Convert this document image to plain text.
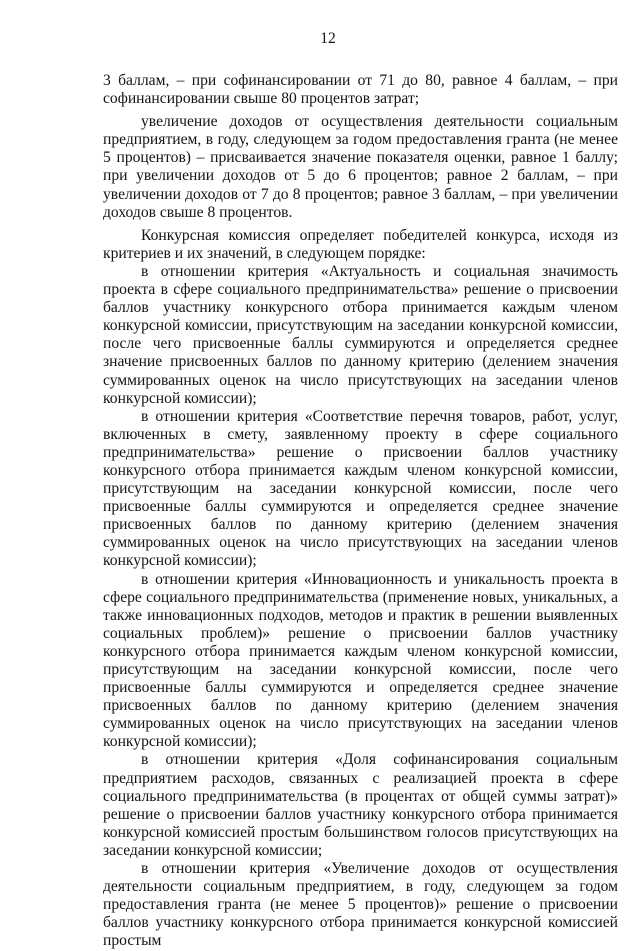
12

3 баллам, – при софинансировании от 71 до 80, равное 4 баллам, – при софинансировании свыше 80 процентов затрат;

увеличение доходов от осуществления деятельности социальным предприятием, в году, следующем за годом предоставления гранта (не менее 5 процентов) – присваивается значение показателя оценки, равное 1 баллу; при увеличении доходов от 5 до 6 процентов; равное 2 баллам, – при увеличении доходов от 7 до 8 процентов; равное 3 баллам, – при увеличении доходов свыше 8 процентов.

Конкурсная комиссия определяет победителей конкурса, исходя из критериев и их значений, в следующем порядке:

в отношении критерия «Актуальность и социальная значимость проекта в сфере социального предпринимательства» решение о присвоении баллов участнику конкурсного отбора принимается каждым членом конкурсной комиссии, присутствующим на заседании конкурсной комиссии, после чего присвоенные баллы суммируются и определяется среднее значение присвоенных баллов по данному критерию (делением значения суммированных оценок на число присутствующих на заседании членов конкурсной комиссии);

в отношении критерия «Соответствие перечня товаров, работ, услуг, включенных в смету, заявленному проекту в сфере социального предпринимательства» решение о присвоении баллов участнику конкурсного отбора принимается каждым членом конкурсной комиссии, присутствующим на заседании конкурсной комиссии, после чего присвоенные баллы суммируются и определяется среднее значение присвоенных баллов по данному критерию (делением значения суммированных оценок на число присутствующих на заседании членов конкурсной комиссии);

в отношении критерия «Инновационность и уникальность проекта в сфере социального предпринимательства (применение новых, уникальных, а также инновационных подходов, методов и практик в решении выявленных социальных проблем)» решение о присвоении баллов участнику конкурсного отбора принимается каждым членом конкурсной комиссии, присутствующим на заседании конкурсной комиссии, после чего присвоенные баллы суммируются и определяется среднее значение присвоенных баллов по данному критерию (делением значения суммированных оценок на число присутствующих на заседании членов конкурсной комиссии);

в отношении критерия «Доля софинансирования социальным предприятием расходов, связанных с реализацией проекта в сфере социального предпринимательства (в процентах от общей суммы затрат)» решение о присвоении баллов участнику конкурсного отбора принимается конкурсной комиссией простым большинством голосов присутствующих на заседании конкурсной комиссии;

в отношении критерия «Увеличение доходов от осуществления деятельности социальным предприятием, в году, следующем за годом предоставления гранта (не менее 5 процентов)» решение о присвоении баллов участнику конкурсного отбора принимается конкурсной комиссией простым
